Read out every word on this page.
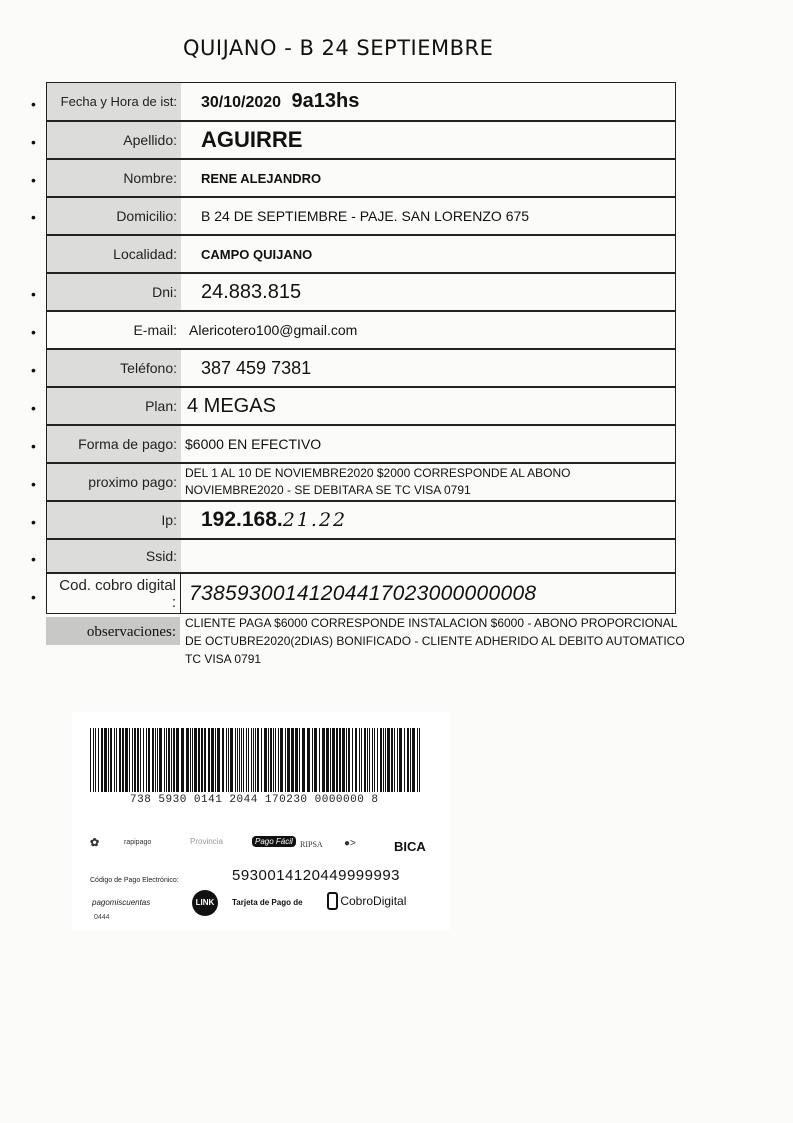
QUIJANO - B 24 SEPTIEMBRE
•
•
•
•
•
•
•
•
•
•
•
•
•
Fecha y Hora de ist:	30/10/2020 9a13hs
Apellido:	AGUIRRE
Nombre:	RENE ALEJANDRO
Domicilio:	B 24 DE SEPTIEMBRE - PAJE. SAN LORENZO 675
Localidad:	CAMPO QUIJANO
Dni:	24.883.815
E-mail: Alericotero100@gmail.com
Teléfono:	387 459 7381
Plan: 4 MEGAS
Forma de pago: $6000 EN EFECTIVO
proximo pago:
DEL 1 AL 10 DE NOVIEMBRE2020 $2000 CORRESPONDE AL ABONO NOVIEMBRE2020 - SE DEBITARA SE TC VISA 0791
Ip:	192.168.21.22
Ssid:
Cod. cobro digital : 73859300141204417023000000008
observaciones:
CLIENTE PAGA $6000 CORRESPONDE INSTALACION $6000 - ABONO PROPORCIONAL DE OCTUBRE2020(2DIAS) BONIFICADO - CLIENTE ADHERIDO AL DEBITO AUTOMATICO TC VISA 0791
738 5930 0141 2044 170230 0000000 8
✿	rapipago	Provincia	Pago Fácil RIPSA ●>	BICA
Código de Pago Electrónico:	5930014120449999993
pagomiscuentas
0444
LINK	Tarjeta de Pago de	CobroDigital
